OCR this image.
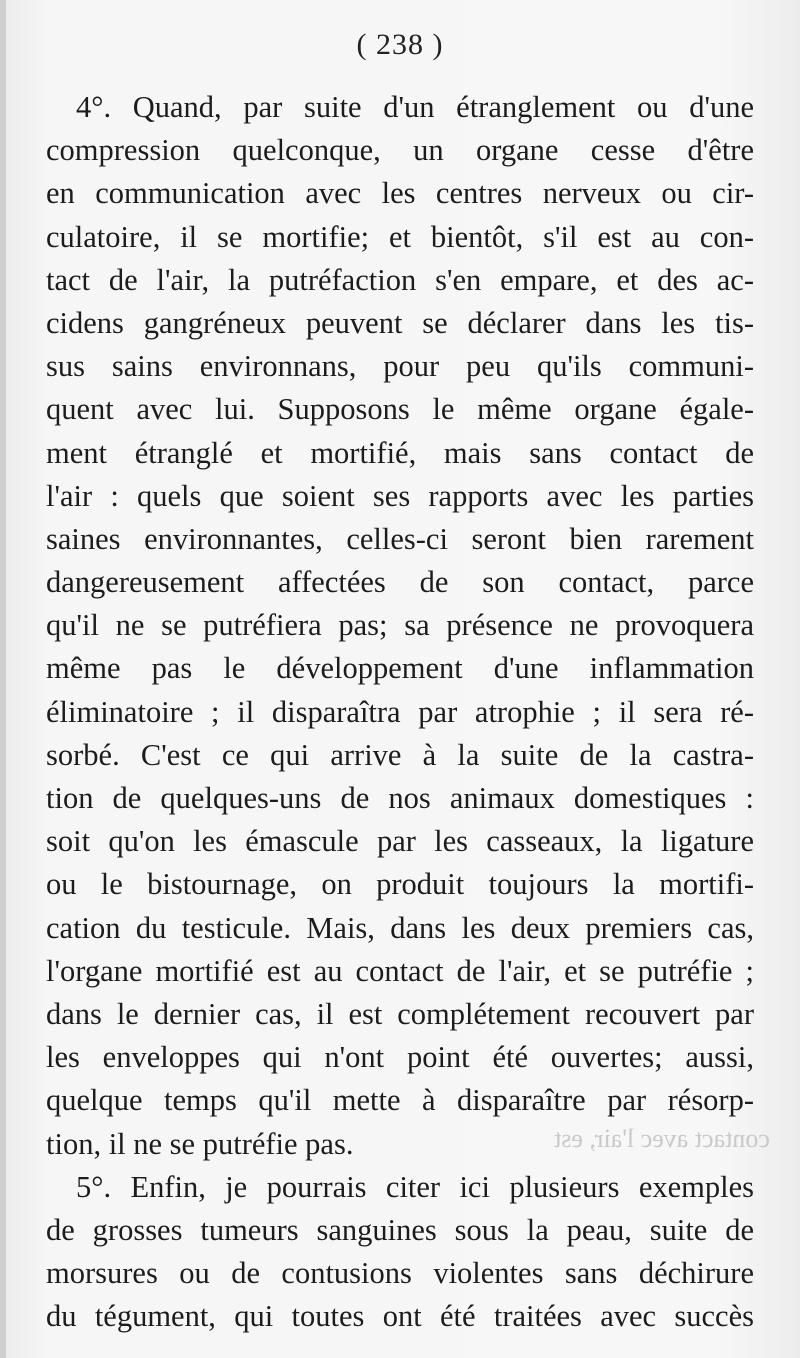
( 238 )
contact avec l'air, est
4°. Quand, par suite d'un étranglement ou d'une
compression quelconque, un organe cesse d'être
en communication avec les centres nerveux ou cir-
culatoire, il se mortifie; et bientôt, s'il est au con-
tact de l'air, la putréfaction s'en empare, et des ac-
cidens gangréneux peuvent se déclarer dans les tis-
sus sains environnans, pour peu qu'ils communi-
quent avec lui. Supposons le même organe égale-
ment étranglé et mortifié, mais sans contact de
l'air : quels que soient ses rapports avec les parties
saines environnantes, celles-ci seront bien rarement
dangereusement affectées de son contact, parce
qu'il ne se putréfiera pas; sa présence ne provoquera
même pas le développement d'une inflammation
éliminatoire ; il disparaîtra par atrophie ; il sera ré-
sorbé. C'est ce qui arrive à la suite de la castra-
tion de quelques-uns de nos animaux domestiques :
soit qu'on les émascule par les casseaux, la ligature
ou le bistournage, on produit toujours la mortifi-
cation du testicule. Mais, dans les deux premiers cas,
l'organe mortifié est au contact de l'air, et se putréfie ;
dans le dernier cas, il est complétement recouvert par
les enveloppes qui n'ont point été ouvertes; aussi,
quelque temps qu'il mette à disparaître par résorp-
tion, il ne se putréfie pas.
5°. Enfin, je pourrais citer ici plusieurs exemples
de grosses tumeurs sanguines sous la peau, suite de
morsures ou de contusions violentes sans déchirure
du tégument, qui toutes ont été traitées avec succès
